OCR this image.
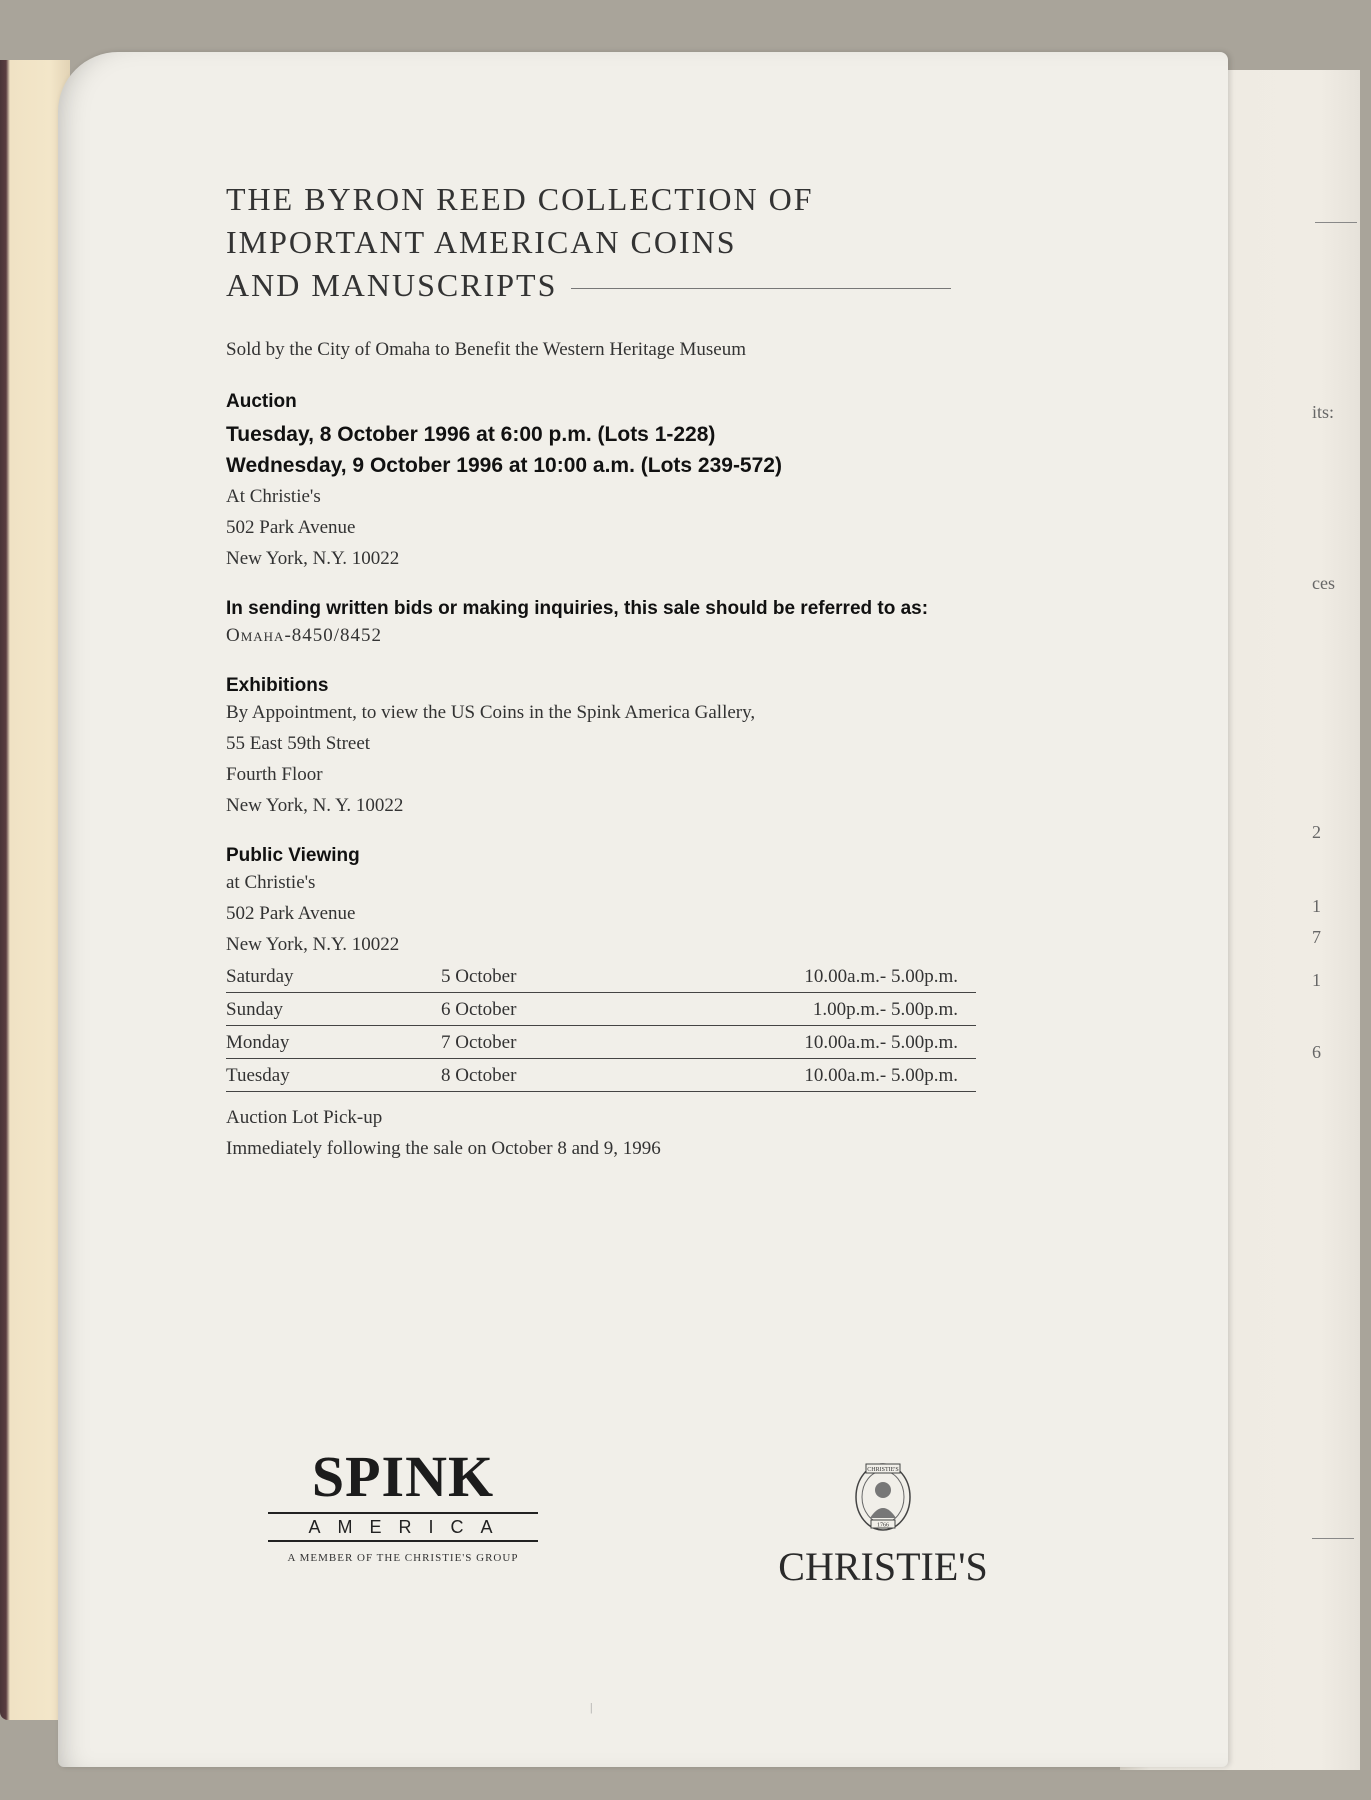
its:
ces
2
1
7
1
6
THE BYRON REED COLLECTION OF
IMPORTANT AMERICAN COINS
AND MANUSCRIPTS
Sold by the City of Omaha to Benefit the Western Heritage Museum
Auction
Tuesday, 8 October 1996 at 6:00 p.m. (Lots 1-228)
Wednesday, 9 October 1996 at 10:00 a.m. (Lots 239-572)
At Christie's
502 Park Avenue
New York, N.Y. 10022
In sending written bids or making inquiries, this sale should be referred to as:
Omaha-8450/8452
Exhibitions
By Appointment, to view the US Coins in the Spink America Gallery,
55 East 59th Street
Fourth Floor
New York, N. Y. 10022
Public Viewing
at Christie's
502 Park Avenue
New York, N.Y. 10022
Saturday	5 October	10.00a.m.- 5.00p.m.
Sunday	6 October	1.00p.m.- 5.00p.m.
Monday	7 October	10.00a.m.- 5.00p.m.
Tuesday	8 October	10.00a.m.- 5.00p.m.
Auction Lot Pick-up
Immediately following the sale on October 8 and 9, 1996
SPINK
AMERICA
A MEMBER OF THE CHRISTIE'S GROUP
CHRISTIE'S
1766
CHRISTIE'S
|
